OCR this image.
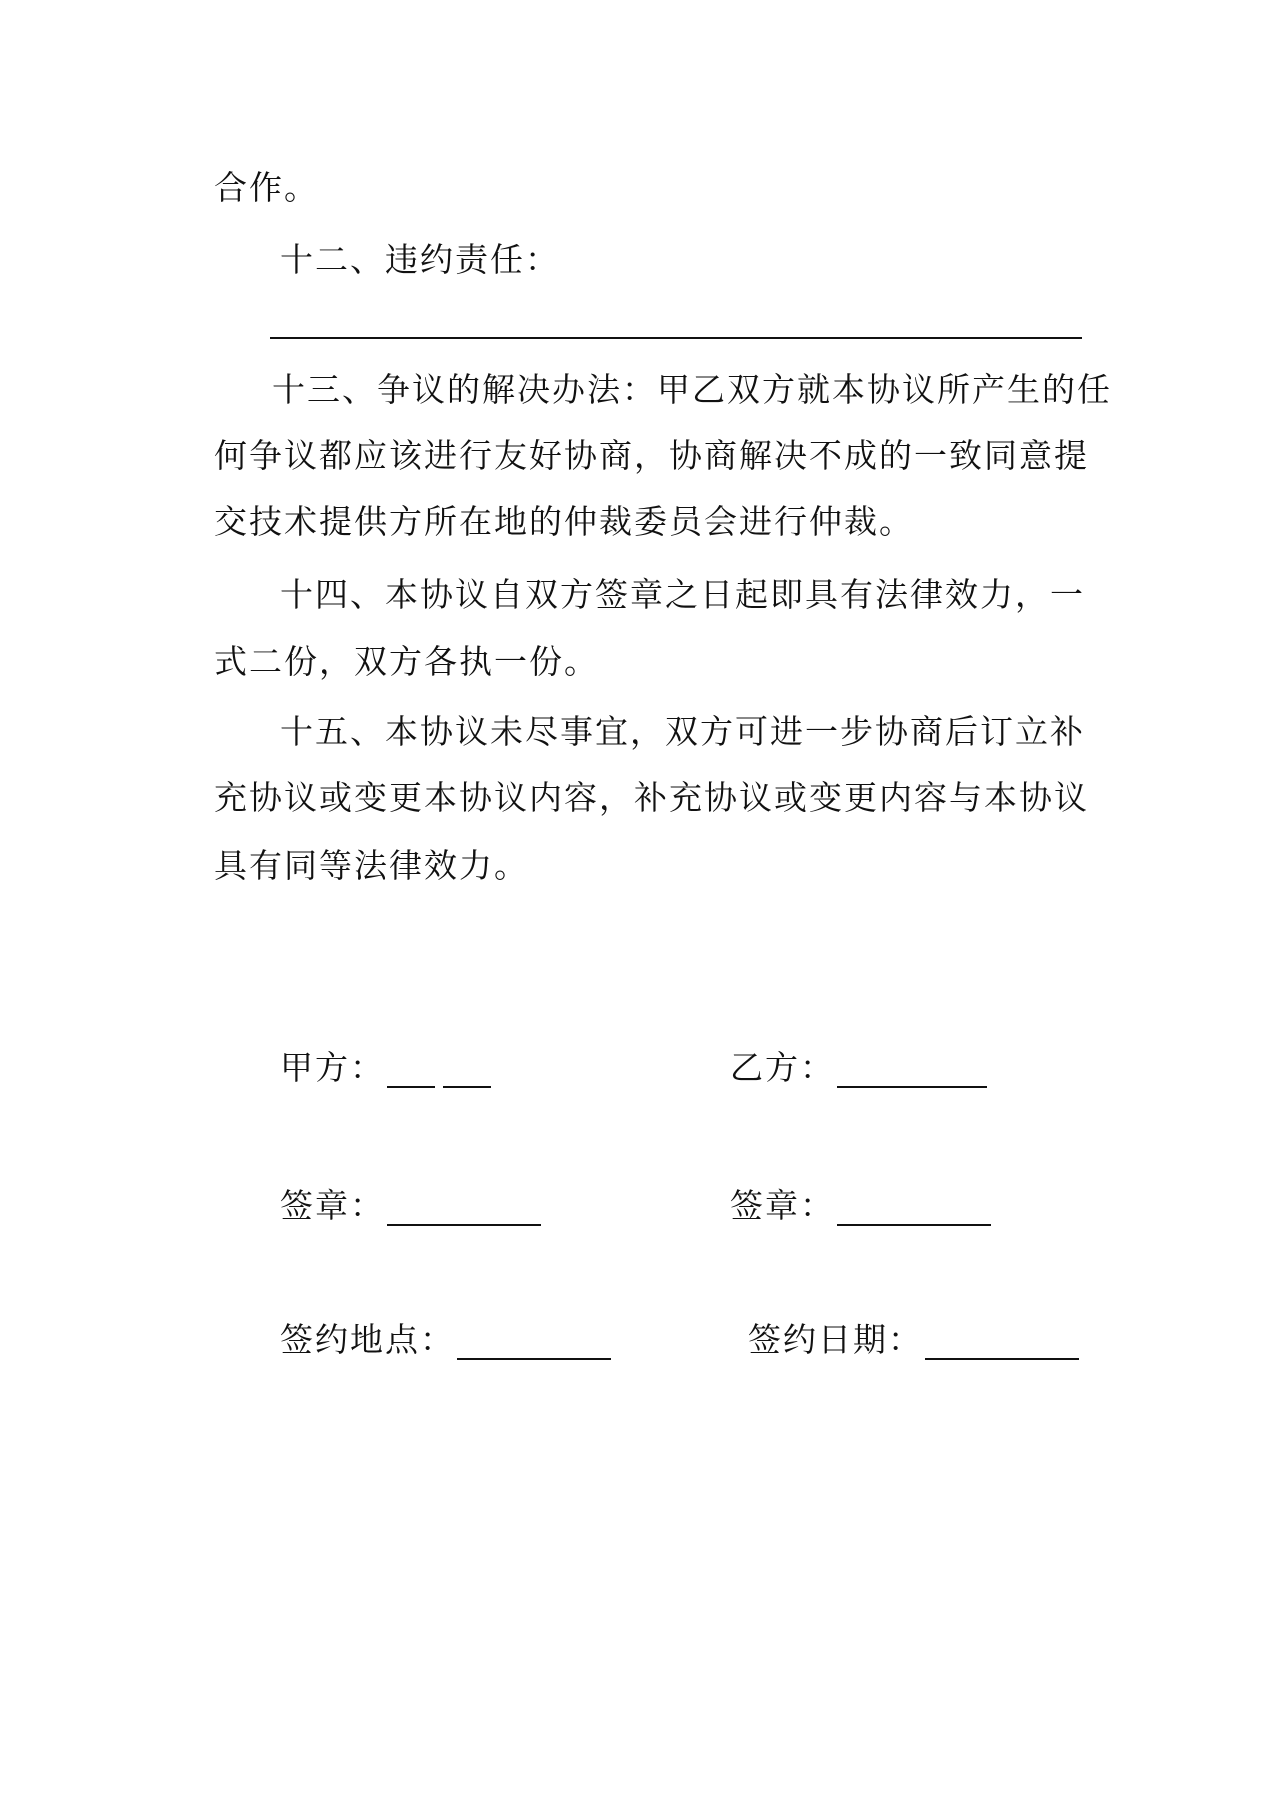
合作。
十二、违约责任：
十三、争议的解决办法：甲乙双方就本协议所产生的任
何争议都应该进行友好协商，协商解决不成的一致同意提
交技术提供方所在地的仲裁委员会进行仲裁。
十四、本协议自双方签章之日起即具有法律效力，一
式二份，双方各执一份。
十五、本协议未尽事宜，双方可进一步协商后订立补
充协议或变更本协议内容，补充协议或变更内容与本协议
具有同等法律效力。
甲方：	乙方：
签章：	签章：
签约地点：	签约日期：
